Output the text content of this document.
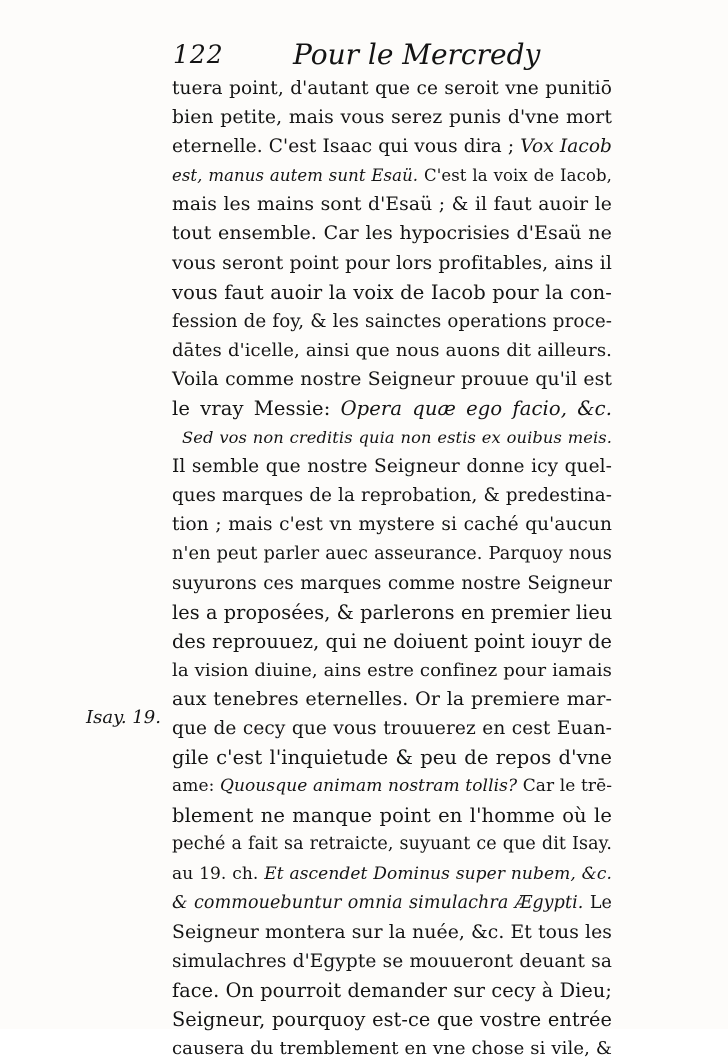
122 Pour le Mercredy
Isay. 19.
tuera point, d'autant que ce seroit vne punitiō
bien petite, mais vous serez punis d'vne mort
eternelle. C'est Isaac qui vous dira ; Vox Iacob
est, manus autem sunt Esaü. C'est la voix de Iacob,
mais les mains sont d'Esaü ; & il faut auoir le
tout ensemble. Car les hypocrisies d'Esaü ne
vous seront point pour lors profitables, ains il
vous faut auoir la voix de Iacob pour la con-
fession de foy, & les sainctes operations proce-
dātes d'icelle, ainsi que nous auons dit ailleurs.
Voila comme nostre Seigneur prouue qu'il est
le vray Messie: Opera quæ ego facio, &c.
Sed vos non creditis quia non estis ex ouibus meis.
Il semble que nostre Seigneur donne icy quel-
ques marques de la reprobation, & predestina-
tion ; mais c'est vn mystere si caché qu'aucun
n'en peut parler auec asseurance. Parquoy nous
suyurons ces marques comme nostre Seigneur
les a proposées, & parlerons en premier lieu
des reprouuez, qui ne doiuent point iouyr de
la vision diuine, ains estre confinez pour iamais
aux tenebres eternelles. Or la premiere mar-
que de cecy que vous trouuerez en cest Euan-
gile c'est l'inquietude & peu de repos d'vne
ame: Quousque animam nostram tollis? Car le trē-
blement ne manque point en l'homme où le
peché a fait sa retraicte, suyuant ce que dit Isay.
au 19. ch. Et ascendet Dominus super nubem, &c.
& commouebuntur omnia simulachra Ægypti. Le
Seigneur montera sur la nuée, &c. Et tous les
simulachres d'Egypte se mouueront deuant sa
face. On pourroit demander sur cecy à Dieu;
Seigneur, pourquoy est-ce que vostre entrée
causera du tremblement en vne chose si vile, &
